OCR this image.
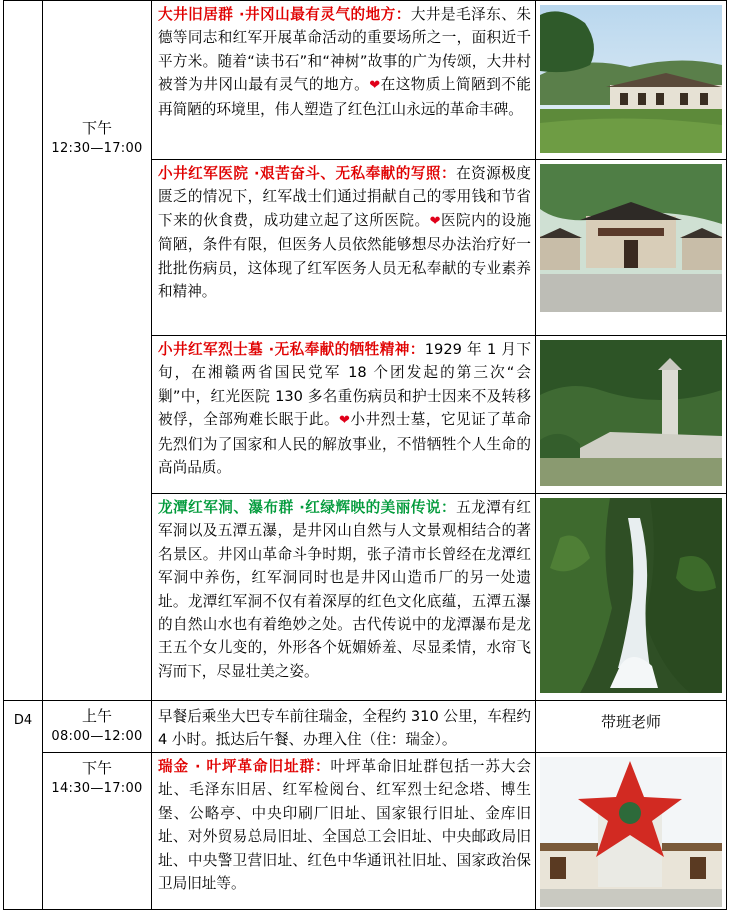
	下午
12:30—17:00	大井旧居群 ·井冈山最有灵气的地方：大井是毛泽东、朱德等同志和红军开展革命活动的重要场所之一，面积近千平方米。随着“读书石”和“神树”故事的广为传颂，大井村被誉为井冈山最有灵气的地方。❤在这物质上简陋到不能再简陋的环境里，伟人塑造了红色江山永远的革命丰碑。

		小井红军医院 ·艰苦奋斗、无私奉献的写照：在资源极度匮乏的情况下，红军战士们通过捐献自己的零用钱和节省下来的伙食费，成功建立起了这所医院。❤医院内的设施简陋，条件有限，但医务人员依然能够想尽办法治疗好一批批伤病员，这体现了红军医务人员无私奉献的专业素养和精神。

		小井红军烈士墓 ·无私奉献的牺牲精神：1929 年 1 月下旬，在湘赣两省国民党军 18 个团发起的第三次“会剿”中，红光医院 130 多名重伤病员和护士因来不及转移被俘，全部殉难长眠于此。❤小井烈士墓，它见证了革命先烈们为了国家和人民的解放事业，不惜牺牲个人生命的高尚品质。

		龙潭红军洞、瀑布群 ·红绿辉映的美丽传说：五龙潭有红军洞以及五潭五瀑，是井冈山自然与人文景观相结合的著名景区。井冈山革命斗争时期，张子清市长曾经在龙潭红军洞中养伤，红军洞同时也是井冈山造币厂的另一处遗址。龙潭红军洞不仅有着深厚的红色文化底蕴，五潭五瀑的自然山水也有着绝妙之处。古代传说中的龙潭瀑布是龙王五个女儿变的，外形各个妩媚娇羞、尽显柔情，水帘飞泻而下，尽显壮美之姿。

D4	上午
08:00—12:00	早餐后乘坐大巴专车前往瑞金，全程约 310 公里，车程约 4 小时。抵达后午餐、办理入住（住：瑞金）。	带班老师

	下午
14:30—17:00	瑞金 · 叶坪革命旧址群：叶坪革命旧址群包括一苏大会址、毛泽东旧居、红军检阅台、红军烈士纪念塔、博生堡、公略亭、中央印刷厂旧址、国家银行旧址、金库旧址、对外贸易总局旧址、全国总工会旧址、中央邮政局旧址、中央警卫营旧址、红色中华通讯社旧址、国家政治保卫局旧址等。
